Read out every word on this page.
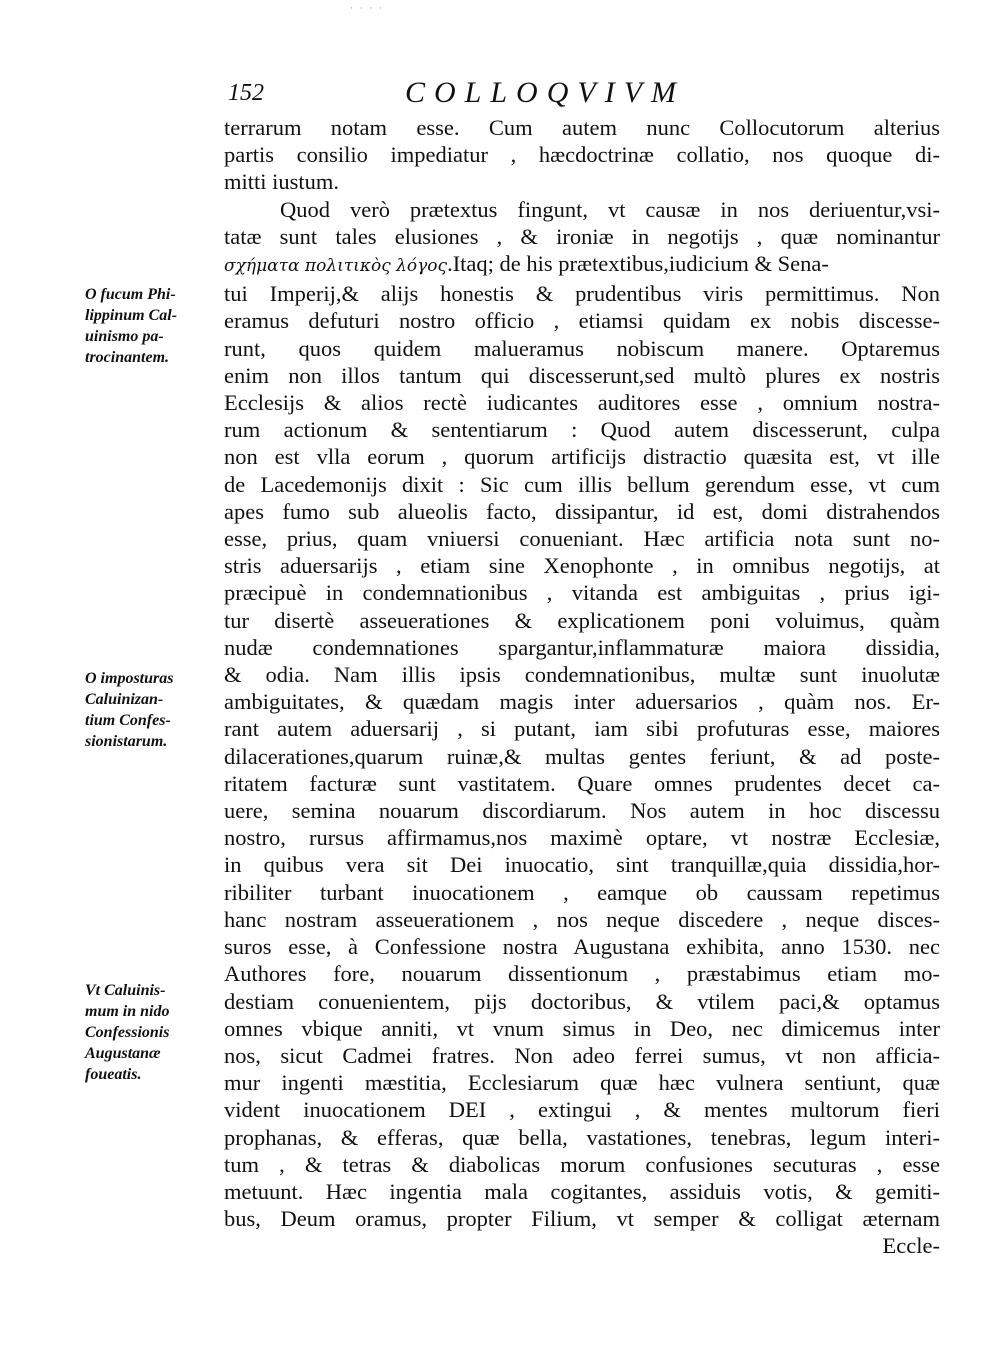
· · · ·
152	COLLOQVIVM
terrarum notam esse. Cum autem nunc Collocutorum alterius
partis consilio impediatur , hæcdoctrinæ collatio, nos quoque di-
mitti iustum.
Quod verò prætextus fingunt, vt causæ in nos deriuentur,vsi-
tatæ sunt tales elusiones , & ironiæ in negotijs , quæ nominantur
σχήματα πολιτικὸς λόγος.Itaq; de his prætextibus,iudicium & Sena-
tui Imperij,& alijs honestis & prudentibus viris permittimus. Non
eramus defuturi nostro officio , etiamsi quidam ex nobis discesse-
runt, quos quidem malueramus nobiscum manere. Optaremus
enim non illos tantum qui discesserunt,sed multò plures ex nostris
Ecclesijs & alios rectè iudicantes auditores esse , omnium nostra-
rum actionum & sententiarum : Quod autem discesserunt, culpa
non est vlla eorum , quorum artificijs distractio quæsita est, vt ille
de Lacedemonijs dixit : Sic cum illis bellum gerendum esse, vt cum
apes fumo sub alueolis facto, dissipantur, id est, domi distrahendos
esse, prius, quam vniuersi conueniant. Hæc artificia nota sunt no-
stris aduersarijs , etiam sine Xenophonte , in omnibus negotijs, at
præcipuè in condemnationibus , vitanda est ambiguitas , prius igi-
tur disertè asseuerationes & explicationem poni voluimus, quàm
nudæ condemnationes spargantur,inflammaturæ maiora dissidia,
& odia. Nam illis ipsis condemnationibus, multæ sunt inuolutæ
ambiguitates, & quædam magis inter aduersarios , quàm nos. Er-
rant autem aduersarij , si putant, iam sibi profuturas esse, maiores
dilacerationes,quarum ruinæ,& multas gentes feriunt, & ad poste-
ritatem facturæ sunt vastitatem. Quare omnes prudentes decet ca-
uere, semina nouarum discordiarum. Nos autem in hoc discessu
nostro, rursus affirmamus,nos maximè optare, vt nostræ Ecclesiæ,
in quibus vera sit Dei inuocatio, sint tranquillæ,quia dissidia,hor-
ribiliter turbant inuocationem , eamque ob caussam repetimus
hanc nostram asseuerationem , nos neque discedere , neque disces-
suros esse, à Confessione nostra Augustana exhibita, anno 1530. nec
Authores fore, nouarum dissentionum , præstabimus etiam mo-
destiam conuenientem, pijs doctoribus, & vtilem paci,& optamus
omnes vbique anniti, vt vnum simus in Deo, nec dimicemus inter
nos, sicut Cadmei fratres. Non adeo ferrei sumus, vt non afficia-
mur ingenti mæstitia, Ecclesiarum quæ hæc vulnera sentiunt, quæ
vident inuocationem DEI , extingui , & mentes multorum fieri
prophanas, & efferas, quæ bella, vastationes, tenebras, legum interi-
tum , & tetras & diabolicas morum confusiones secuturas , esse
metuunt. Hæc ingentia mala cogitantes, assiduis votis, & gemiti-
bus, Deum oramus, propter Filium, vt semper & colligat æternam
Eccle-
O fucum Phi-
lippinum Cal-
uinismo pa-
trocinantem.
O imposturas
Caluinizan-
tium Confes-
sionistarum.
Vt Caluinis-
mum in nido
Confessionis
Augustanæ
foueatis.
